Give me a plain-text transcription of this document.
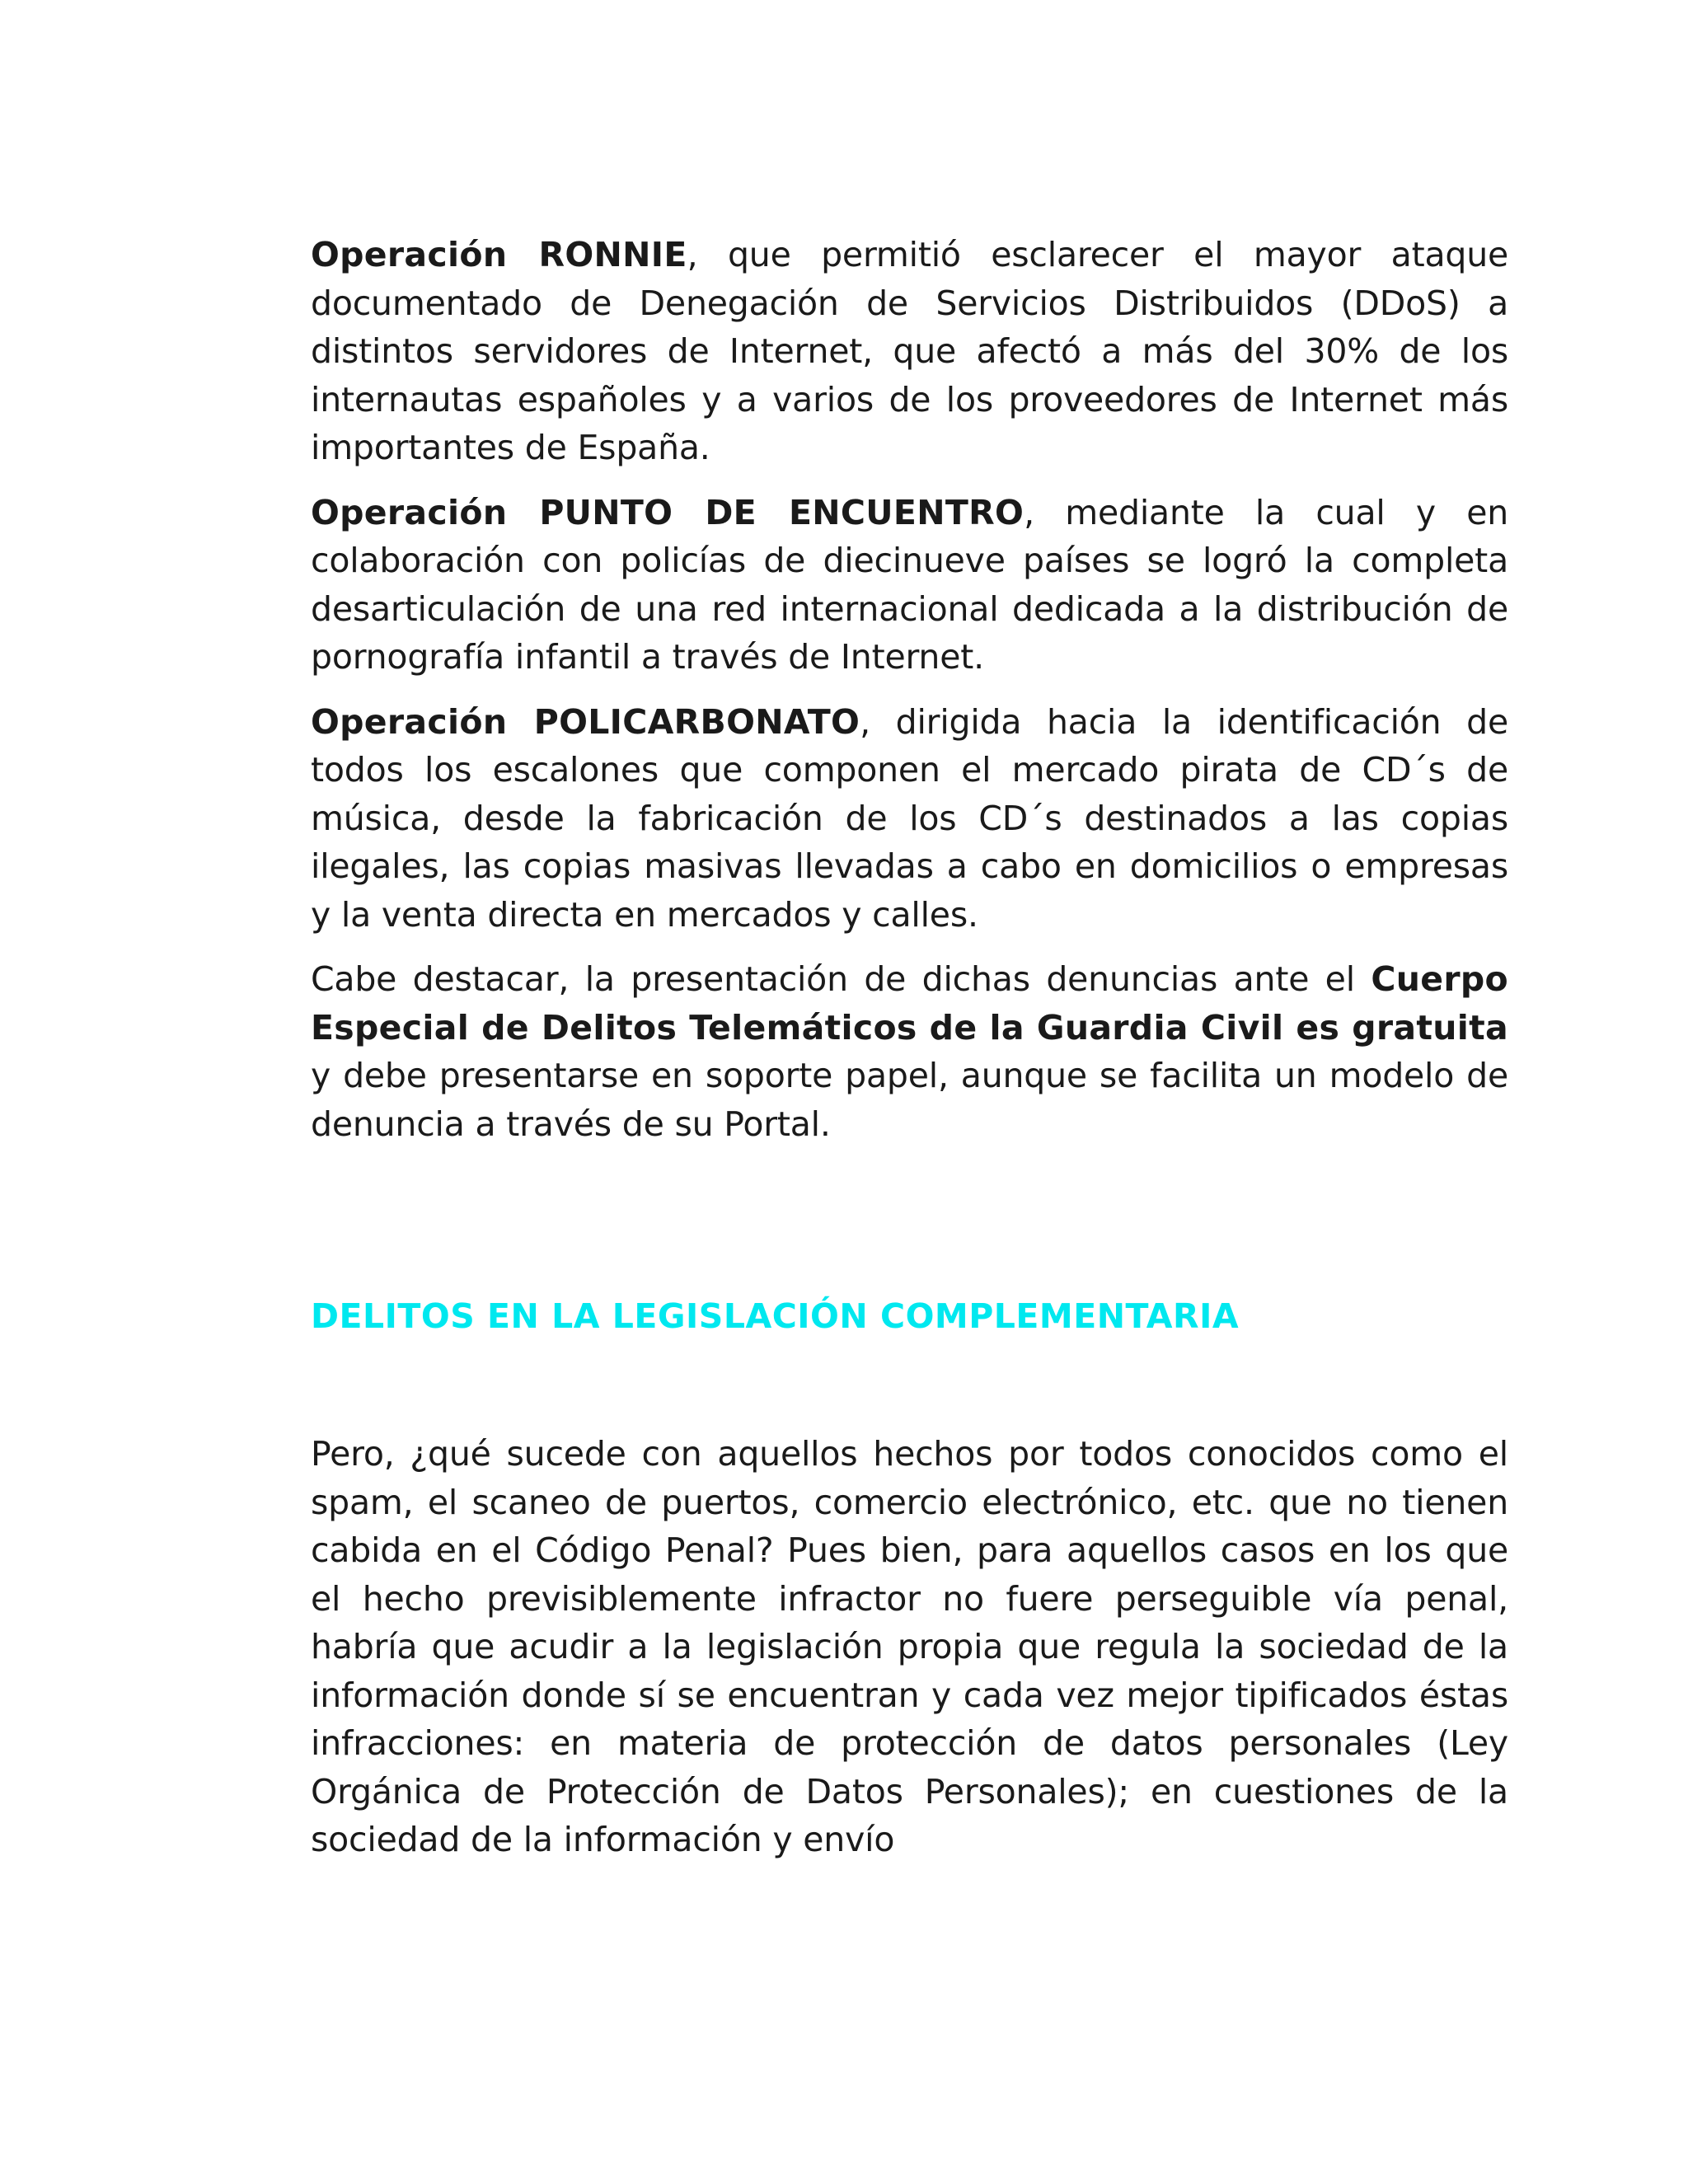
Operación RONNIE, que permitió esclarecer el mayor ataque documentado de Denegación de Servicios Distribuidos (DDoS) a distintos servidores de Internet, que afectó a más del 30% de los internautas españoles y a varios de los proveedores de Internet más importantes de España.

Operación PUNTO DE ENCUENTRO, mediante la cual y en colaboración con policías de diecinueve países se logró la completa desarticulación de una red internacional dedicada a la distribución de pornografía infantil a través de Internet.

Operación POLICARBONATO, dirigida hacia la identificación de todos los escalones que componen el mercado pirata de CD´s de música, desde la fabricación de los CD´s destinados a las copias ilegales, las copias masivas llevadas a cabo en domicilios o empresas y la venta directa en mercados y calles.

Cabe destacar, la presentación de dichas denuncias ante el Cuerpo Especial de Delitos Telemáticos de la Guardia Civil es gratuita y debe presentarse en soporte papel, aunque se facilita un modelo de denuncia a través de su Portal.

DELITOS EN LA LEGISLACIÓN COMPLEMENTARIA
Pero, ¿qué sucede con aquellos hechos por todos conocidos como el spam, el scaneo de puertos, comercio electrónico, etc. que no tienen cabida en el Código Penal? Pues bien, para aquellos casos en los que el hecho previsiblemente infractor no fuere perseguible vía penal, habría que acudir a la legislación propia que regula la sociedad de la información donde sí se encuentran y cada vez mejor tipificados éstas infracciones: en materia de protección de datos personales (Ley Orgánica de Protección de Datos Personales); en cuestiones de la sociedad de la información y envío
